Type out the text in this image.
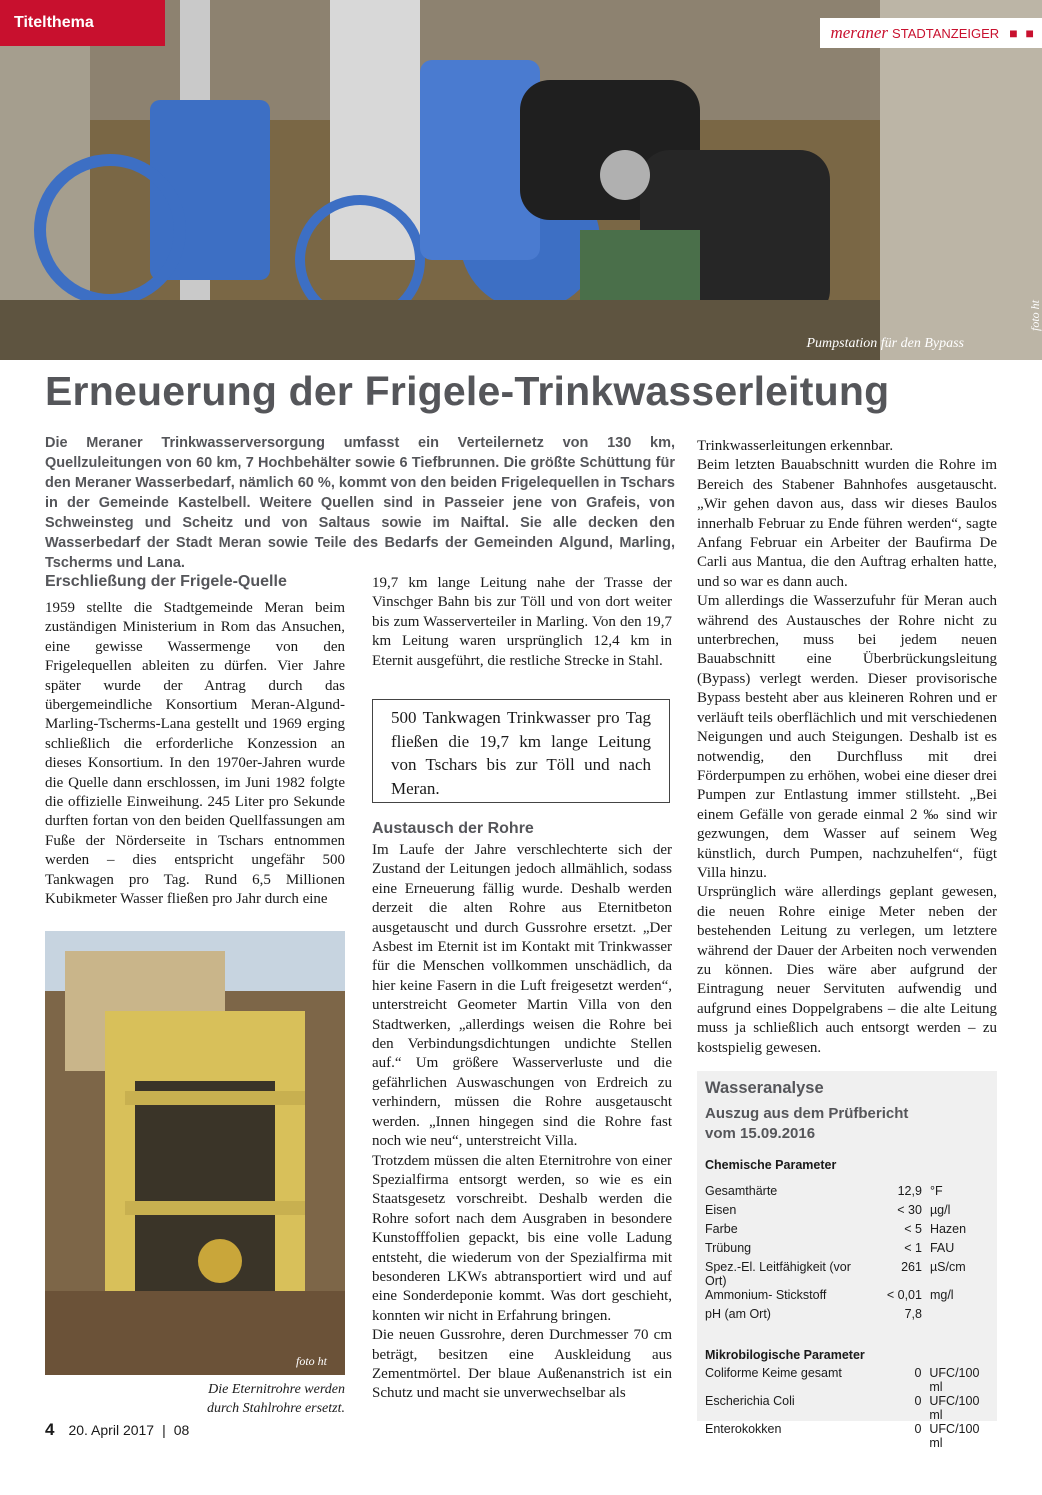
Titelthema
meraner STADTANZEIGER ■ ■
Pumpstation für den Bypass
foto ht
Erneuerung der Frigele-Trinkwasserleitung
Die Meraner Trinkwasserversorgung umfasst ein Verteilernetz von 130 km, Quellzuleitungen von 60 km, 7 Hochbehälter sowie 6 Tiefbrunnen. Die größte Schüttung für den Meraner Wasserbedarf, nämlich 60 %, kommt von den beiden Frigelequellen in Tschars in der Gemeinde Kastelbell. Weitere Quellen sind in Passeier jene von Grafeis, von Schweinsteg und Scheitz und von Saltaus sowie im Naiftal. Sie alle decken den Wasserbedarf der Stadt Meran sowie Teile des Bedarfs der Gemeinden Algund, Marling, Tscherms und Lana.
Erschließung der Frigele-Quelle

1959 stellte die Stadtgemeinde Meran beim zuständigen Ministerium in Rom das Ansuchen, eine gewisse Wassermenge von den Frigelequellen ableiten zu dürfen. Vier Jahre später wurde der Antrag durch das übergemeindliche Konsortium Meran-Algund-Marling-Tscherms-Lana gestellt und 1969 erging schließlich die erforderliche Konzession an dieses Konsortium. In den 1970er-Jahren wurde die Quelle dann erschlossen, im Juni 1982 folgte die offizielle Einweihung. 245 Liter pro Sekunde durften fortan von den beiden Quellfassungen am Fuße der Nörderseite in Tschars entnommen werden – dies entspricht ungefähr 500 Tankwagen pro Tag. Rund 6,5 Millionen Kubikmeter Wasser fließen pro Jahr durch eine

19,7 km lange Leitung nahe der Trasse der Vinschger Bahn bis zur Töll und von dort weiter bis zum Wasserverteiler in Marling. Von den 19,7 km Leitung waren ursprünglich 12,4 km in Eternit ausgeführt, die restliche Strecke in Stahl.

500 Tankwagen Trinkwasser pro Tag fließen die 19,7 km lange Leitung von Tschars bis zur Töll und nach Meran.
Austausch der Rohre

Im Laufe der Jahre verschlechterte sich der Zustand der Leitungen jedoch allmählich, sodass eine Erneuerung fällig wurde. Deshalb werden derzeit die alten Rohre aus Eternitbeton ausgetauscht und durch Gussrohre ersetzt. „Der Asbest im Eternit ist im Kontakt mit Trinkwasser für die Menschen vollkommen unschädlich, da hier keine Fasern in die Luft freigesetzt werden“, unterstreicht Geometer Martin Villa von den Stadtwerken, „allerdings weisen die Rohre bei den Verbindungsdichtungen undichte Stellen auf.“ Um größere Wasserverluste und die gefährlichen Auswaschungen von Erdreich zu verhindern, müssen die Rohre ausgetauscht werden. „Innen hingegen sind die Rohre fast noch wie neu“, unterstreicht Villa.

Trotzdem müssen die alten Eternitrohre von einer Spezialfirma entsorgt werden, so wie es ein Staatsgesetz vorschreibt. Deshalb werden die Rohre sofort nach dem Ausgraben in besondere Kunstofffolien gepackt, bis eine volle Ladung entsteht, die wiederum von der Spezialfirma mit besonderen LKWs abtransportiert wird und auf eine Sonderdeponie kommt. Was dort geschieht, konnten wir nicht in Erfahrung bringen.

Die neuen Gussrohre, deren Durchmesser 70 cm beträgt, besitzen eine Auskleidung aus Zementmörtel. Der blaue Außenanstrich ist ein Schutz und macht sie unverwechselbar als

Trinkwasserleitungen erkennbar.

Beim letzten Bauabschnitt wurden die Rohre im Bereich des Stabener Bahnhofes ausgetauscht. „Wir gehen davon aus, dass wir dieses Baulos innerhalb Februar zu Ende führen werden“, sagte Anfang Februar ein Arbeiter der Baufirma De Carli aus Mantua, die den Auftrag erhalten hatte, und so war es dann auch.

Um allerdings die Wasserzufuhr für Meran auch während des Austausches der Rohre nicht zu unterbrechen, muss bei jedem neuen Bauabschnitt eine Überbrückungsleitung (Bypass) verlegt werden. Dieser provisorische Bypass besteht aber aus kleineren Rohren und er verläuft teils oberflächlich und mit verschiedenen Neigungen und auch Steigungen. Deshalb ist es notwendig, den Durchfluss mit drei Förderpumpen zu erhöhen, wobei eine dieser drei Pumpen zur Entlastung immer stillsteht. „Bei einem Gefälle von gerade einmal 2 ‰ sind wir gezwungen, dem Wasser auf seinem Weg künstlich, durch Pumpen, nachzuhelfen“, fügt Villa hinzu.

Ursprünglich wäre allerdings geplant gewesen, die neuen Rohre einige Meter neben der bestehenden Leitung zu verlegen, um letztere während der Dauer der Arbeiten noch verwenden zu können. Dies wäre aber aufgrund der Eintragung neuer Servituten aufwendig und aufgrund eines Doppelgrabens – die alte Leitung muss ja schließlich auch entsorgt werden – zu kostspielig gewesen.

foto ht
Die Eternitrohre werden
durch Stahlrohre ersetzt.
Wasseranalyse
Auszug aus dem Prüfbericht
vom 15.09.2016
Chemische Parameter
Gesamthärte	12,9	°F
Eisen	< 30	µg/l
Farbe	< 5	Hazen
Trübung	< 1	FAU
Spez.-El. Leitfähigkeit (vor Ort)	261	µS/cm
Ammonium- Stickstoff	< 0,01	mg/l
pH (am Ort)	7,8	
Mikrobilogische Parameter
Coliforme Keime gesamt	0	UFC/100 ml
Escherichia Coli	0	UFC/100 ml
Enterokokken	0	UFC/100 ml
4 20. April 2017 | 08
